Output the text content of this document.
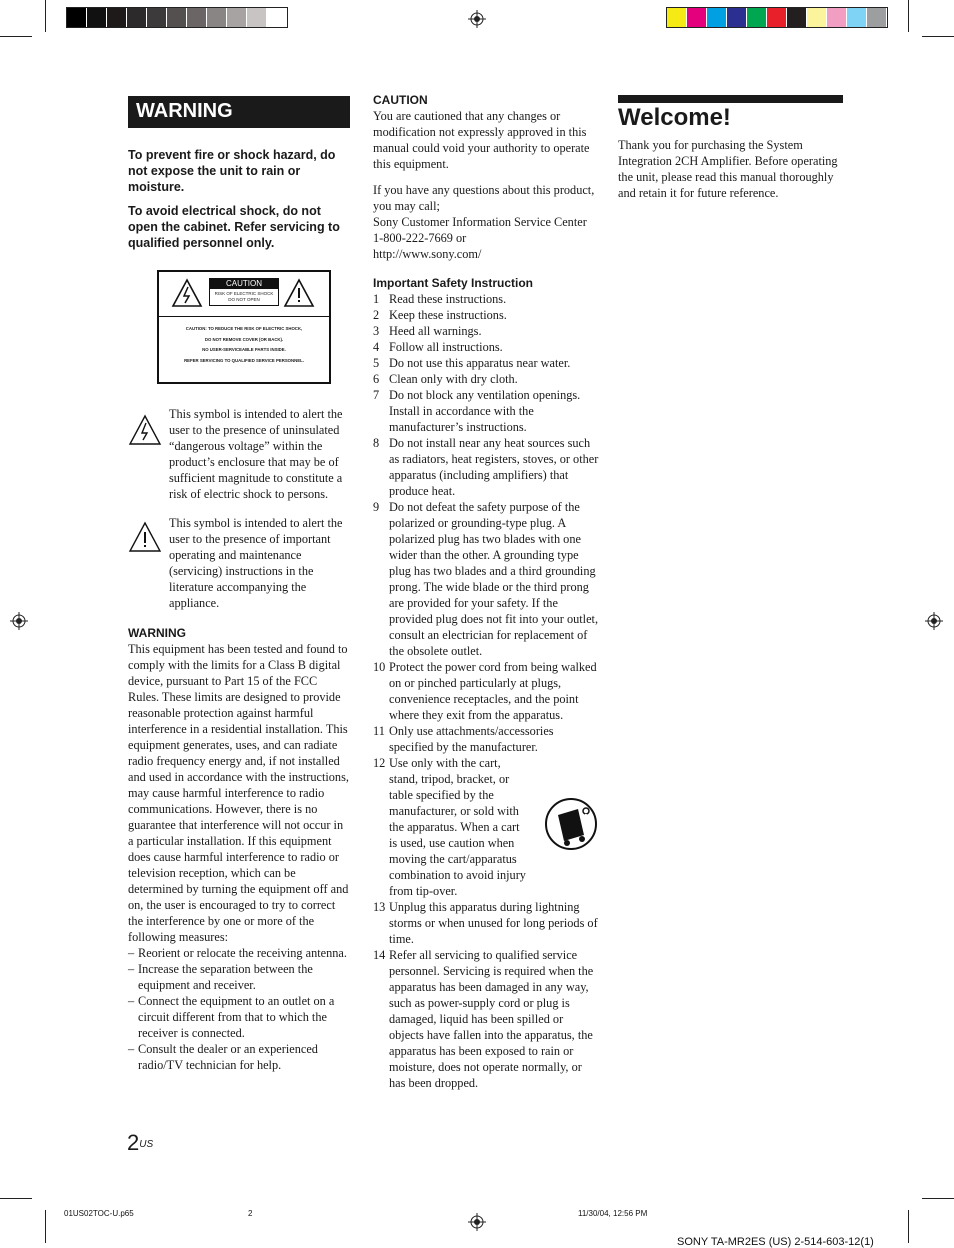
WARNING

To prevent fire or shock hazard, do not expose the unit to rain or moisture.

To avoid electrical shock, do not open the cabinet. Refer servicing to qualified personnel only.

CAUTION
RISK OF ELECTRIC SHOCK DO NOT OPEN
CAUTION: TO REDUCE THE RISK OF ELECTRIC SHOCK,
DO NOT REMOVE COVER (OR BACK).
NO USER-SERVICEABLE PARTS INSIDE.
REFER SERVICING TO QUALIFIED SERVICE PERSONNEL.

This symbol is intended to alert the user to the presence of uninsulated “dangerous voltage” within the product’s enclosure that may be of sufficient magnitude to constitute a risk of electric shock to persons.

This symbol is intended to alert the user to the presence of important operating and maintenance (servicing) instructions in the literature accompanying the appliance.

WARNING

This equipment has been tested and found to comply with the limits for a Class B digital device, pursuant to Part 15 of the FCC Rules. These limits are designed to provide reasonable protection against harmful interference in a residential installation. This equipment generates, uses, and can radiate radio frequency energy and, if not installed and used in accordance with the instructions, may cause harmful interference to radio communications. However, there is no guarantee that interference will not occur in a particular installation. If this equipment does cause harmful interference to radio or television reception, which can be determined by turning the equipment off and on, the user is encouraged to try to correct the interference by one or more of the following measures:

– Reorient or relocate the receiving antenna.
– Increase the separation between the equipment and receiver.
– Connect the equipment to an outlet on a circuit different from that to which the receiver is connected.
– Consult the dealer or an experienced radio/TV technician for help.
CAUTION

You are cautioned that any changes or modification not expressly approved in this manual could void your authority to operate this equipment.

If you have any questions about this product, you may call;

Sony Customer Information Service Center

1-800-222-7669 or

http://www.sony.com/

Important Safety Instruction
1 Read these instructions.
2 Keep these instructions.
3 Heed all warnings.
4 Follow all instructions.
5 Do not use this apparatus near water.
6 Clean only with dry cloth.
7 Do not block any ventilation openings. Install in accordance with the manufacturer’s instructions.
8 Do not install near any heat sources such as radiators, heat registers, stoves, or other apparatus (including amplifiers) that produce heat.
9 Do not defeat the safety purpose of the polarized or grounding-type plug. A polarized plug has two blades with one wider than the other. A grounding type plug has two blades and a third grounding prong. The wide blade or the third prong are provided for your safety. If the provided plug does not fit into your outlet, consult an electrician for replacement of the obsolete outlet.
10 Protect the power cord from being walked on or pinched particularly at plugs, convenience receptacles, and the point where they exit from the apparatus.
11 Only use attachments/accessories specified by the manufacturer.
12 Use only with the cart, stand, tripod, bracket, or table specified by the manufacturer, or sold with the apparatus. When a cart is used, use caution when moving the cart/apparatus combination to avoid injury from tip-over.
13 Unplug this apparatus during lightning storms or when unused for long periods of time.
14 Refer all servicing to qualified service personnel. Servicing is required when the apparatus has been damaged in any way, such as power-supply cord or plug is damaged, liquid has been spilled or objects have fallen into the apparatus, the apparatus has been exposed to rain or moisture, does not operate normally, or has been dropped.
Welcome!

Thank you for purchasing the System Integration 2CH Amplifier. Before operating the unit, please read this manual thoroughly and retain it for future reference.

$2^{US}$
01US02TOC-U.p65	2	11/30/04, 12:56 PM
SONY TA-MR2ES (US) 2-514-603-12(1)
